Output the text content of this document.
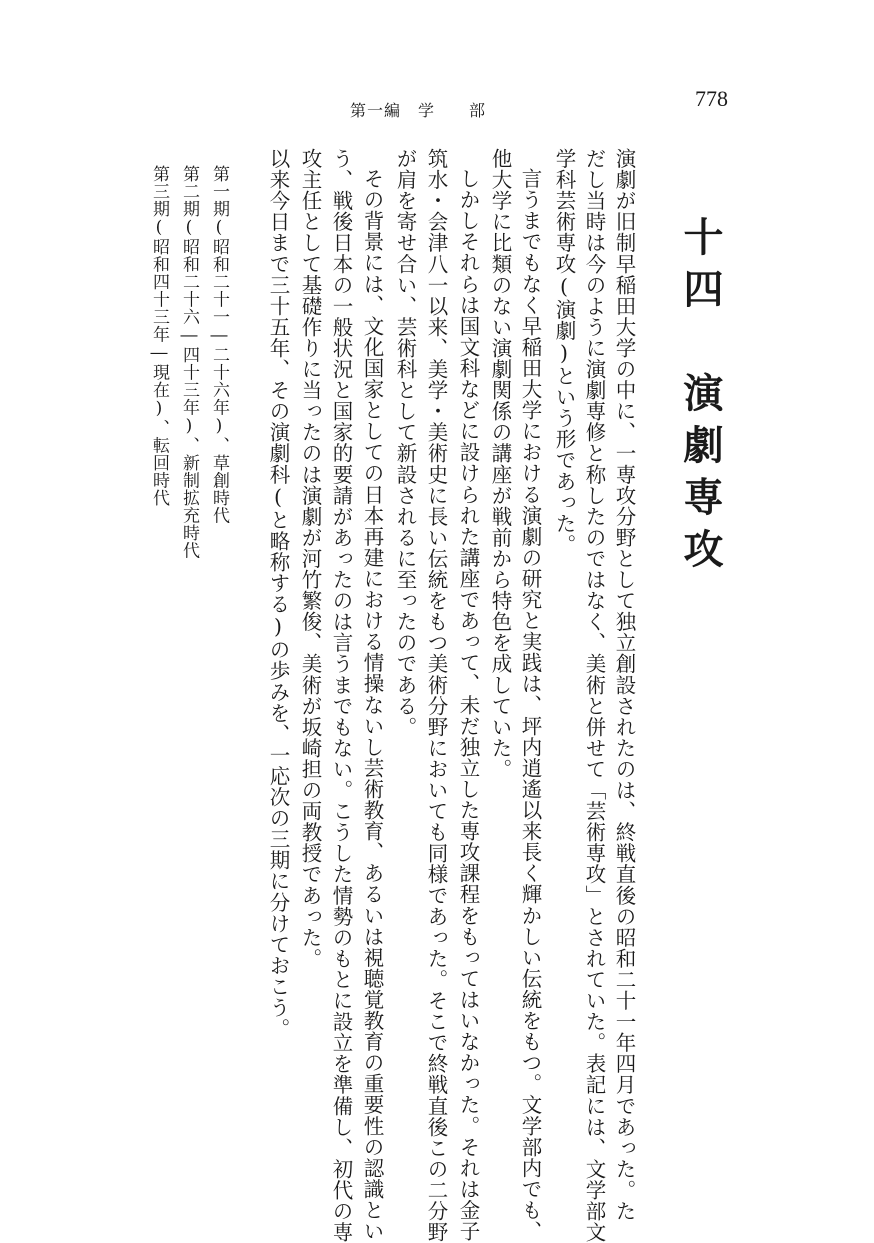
778
第一編　学　　部
十四　演劇専攻

演劇が旧制早稲田大学の中に、一専攻分野として独立創設されたのは、終戦直後の昭和二十一年四月であった。た

だし当時は今のように演劇専修と称したのではなく、美術と併せて「芸術専攻」とされていた。表記には、文学部文

学科芸術専攻(演劇)という形であった。

言うまでもなく早稲田大学における演劇の研究と実践は、坪内逍遙以来長く輝かしい伝統をもつ。文学部内でも、

他大学に比類のない演劇関係の講座が戦前から特色を成していた。

しかしそれらは国文科などに設けられた講座であって、未だ独立した専攻課程をもってはいなかった。それは金子

筑水・会津八一以来、美学・美術史に長い伝統をもつ美術分野においても同様であった。そこで終戦直後この二分野

が肩を寄せ合い、芸術科として新設されるに至ったのである。

その背景には、文化国家としての日本再建における情操ないし芸術教育、あるいは視聴覚教育の重要性の認識とい

う、戦後日本の一般状況と国家的要請があったのは言うまでもない。こうした情勢のもとに設立を準備し、初代の専

攻主任として基礎作りに当ったのは演劇が河竹繁俊、美術が坂崎担の両教授であった。

以来今日まで三十五年、その演劇科(と略称する)の歩みを、一応次の三期に分けておこう。

第一期(昭和二十一―二十六年)、草創時代

第二期(昭和二十六―四十三年)、新制拡充時代

第三期(昭和四十三年―現在)、転回時代
